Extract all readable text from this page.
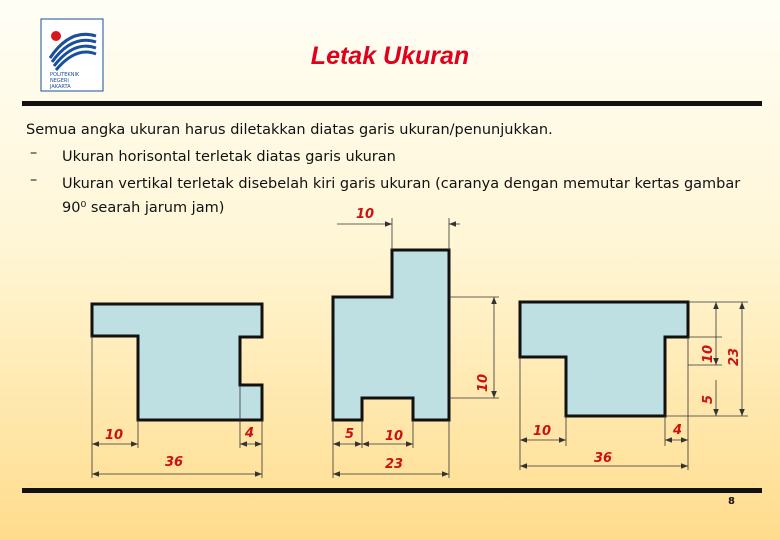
POLITEKNIK
NEGERI
JAKARTA
Letak Ukuran
Semua angka ukuran harus diletakkan diatas garis ukuran/penunjukkan.
– Ukuran horisontal terletak diatas garis ukuran
– Ukuran vertikal terletak disebelah kiri garis ukuran (caranya dengan memutar kertas gambar 90⁰ searah jarum jam)
10	4
36
10
10
5
10
23
10
23
5
10
4
36
8
